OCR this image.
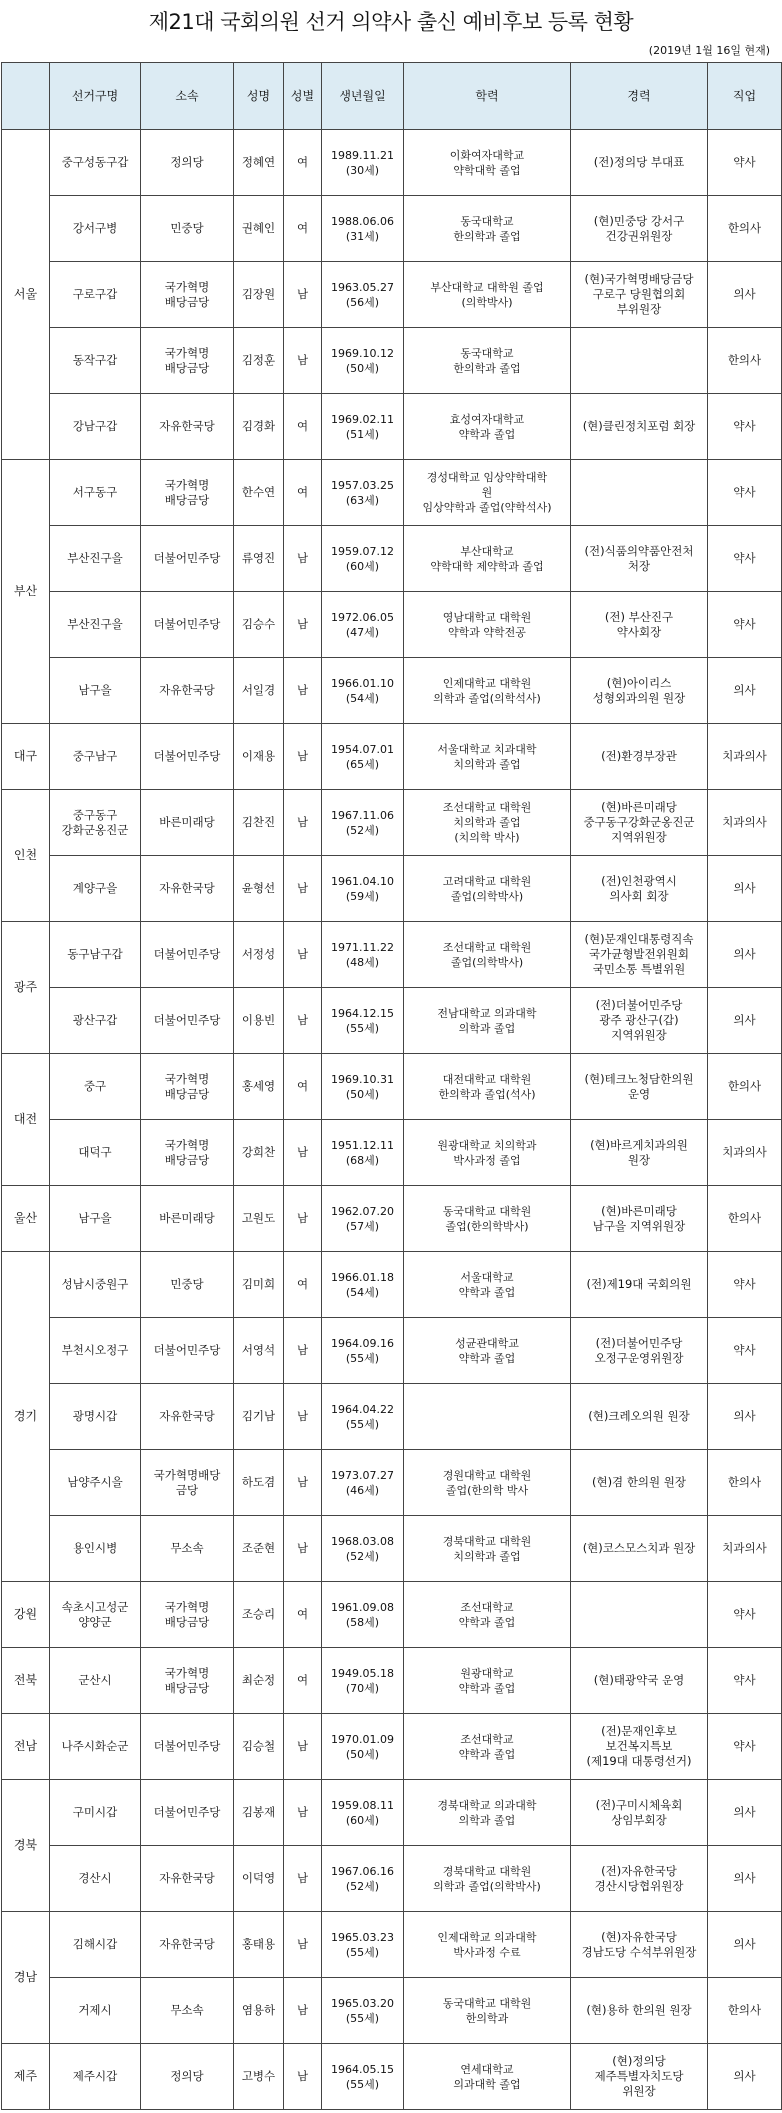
제21대 국회의원 선거 의약사 출신 예비후보 등록 현황
(2019년 1월 16일 현재)
	선거구명	소속	성명	성별	생년월일	학력	경력	직업
서울	중구성동구갑	정의당	정혜연	여	1989.11.21
(30세)	이화여자대학교
약학대학 졸업	(전)정의당 부대표	약사
	강서구병	민중당	권혜인	여	1988.06.06
(31세)	동국대학교
한의학과 졸업	(현)민중당 강서구
건강권위원장	한의사
	구로구갑	국가혁명
배당금당	김장원	남	1963.05.27
(56세)	부산대학교 대학원 졸업
(의학박사)	(현)국가혁명배당금당
구로구 당원협의회
부위원장	의사
	동작구갑	국가혁명
배당금당	김정훈	남	1969.10.12
(50세)	동국대학교
한의학과 졸업		한의사
	강남구갑	자유한국당	김경화	여	1969.02.11
(51세)	효성여자대학교
약학과 졸업	(현)클린정치포럼 회장	약사
부산	서구동구	국가혁명
배당금당	한수연	여	1957.03.25
(63세)	경성대학교 임상약학대학
원
임상약학과 졸업(약학석사)		약사
	부산진구을	더불어민주당	류영진	남	1959.07.12
(60세)	부산대학교
약학대학 제약학과 졸업	(전)식품의약품안전처
처장	약사
	부산진구을	더불어민주당	김승수	남	1972.06.05
(47세)	영남대학교 대학원
약학과 약학전공	(전) 부산진구
약사회장	약사
	남구을	자유한국당	서일경	남	1966.01.10
(54세)	인제대학교 대학원
의학과 졸업(의학석사)	(현)아이리스
성형외과의원 원장	의사
대구	중구남구	더불어민주당	이재용	남	1954.07.01
(65세)	서울대학교 치과대학
치의학과 졸업	(전)환경부장관	치과의사
인천	중구동구
강화군옹진군	바른미래당	김찬진	남	1967.11.06
(52세)	조선대학교 대학원
치의학과 졸업
(치의학 박사)	(현)바른미래당
중구동구강화군옹진군
지역위원장	치과의사
	계양구을	자유한국당	윤형선	남	1961.04.10
(59세)	고려대학교 대학원
졸업(의학박사)	(전)인천광역시
의사회 회장	의사
광주	동구남구갑	더불어민주당	서정성	남	1971.11.22
(48세)	조선대학교 대학원
졸업(의학박사)	(현)문재인대통령직속
국가균형발전위원회
국민소통 특별위원	의사
	광산구갑	더불어민주당	이용빈	남	1964.12.15
(55세)	전남대학교 의과대학
의학과 졸업	(전)더불어민주당
광주 광산구(갑)
지역위원장	의사
대전	중구	국가혁명
배당금당	홍세영	여	1969.10.31
(50세)	대전대학교 대학원
한의학과 졸업(석사)	(현)테크노청담한의원
운영	한의사
	대덕구	국가혁명
배당금당	강희찬	남	1951.12.11
(68세)	원광대학교 치의학과
박사과정 졸업	(현)바르게치과의원
원장	치과의사
울산	남구을	바른미래당	고원도	남	1962.07.20
(57세)	동국대학교 대학원
졸업(한의학박사)	(현)바른미래당
남구을 지역위원장	한의사
경기	성남시중원구	민중당	김미희	여	1966.01.18
(54세)	서울대학교
약학과 졸업	(전)제19대 국회의원	약사
	부천시오정구	더불어민주당	서영석	남	1964.09.16
(55세)	성균관대학교
약학과 졸업	(전)더불어민주당
오정구운영위원장	약사
	광명시갑	자유한국당	김기남	남	1964.04.22
(55세)		(현)크레오의원 원장	의사
	남양주시을	국가혁명배당
금당	하도겸	남	1973.07.27
(46세)	경원대학교 대학원
졸업(한의학 박사	(현)겸 한의원 원장	한의사
	용인시병	무소속	조준현	남	1968.03.08
(52세)	경북대학교 대학원
치의학과 졸업	(현)코스모스치과 원장	치과의사
강원	속초시고성군
양양군	국가혁명
배당금당	조승리	여	1961.09.08
(58세)	조선대학교
약학과 졸업		약사
전북	군산시	국가혁명
배당금당	최순정	여	1949.05.18
(70세)	원광대학교
약학과 졸업	(현)태광약국 운영	약사
전남	나주시화순군	더불어민주당	김승철	남	1970.01.09
(50세)	조선대학교
약학과 졸업	(전)문재인후보
보건복지특보
(제19대 대통령선거)	약사
경북	구미시갑	더불어민주당	김봉재	남	1959.08.11
(60세)	경북대학교 의과대학
의학과 졸업	(전)구미시체육회
상임부회장	의사
	경산시	자유한국당	이덕영	남	1967.06.16
(52세)	경북대학교 대학원
의학과 졸업(의학박사)	(전)자유한국당
경산시당협위원장	의사
경남	김해시갑	자유한국당	홍태용	남	1965.03.23
(55세)	인제대학교 의과대학
박사과정 수료	(현)자유한국당
경남도당 수석부위원장	의사
	거제시	무소속	염용하	남	1965.03.20
(55세)	동국대학교 대학원
한의학과	(현)용하 한의원 원장	한의사
제주	제주시갑	정의당	고병수	남	1964.05.15
(55세)	연세대학교
의과대학 졸업	(현)정의당
제주특별자치도당
위원장	의사
